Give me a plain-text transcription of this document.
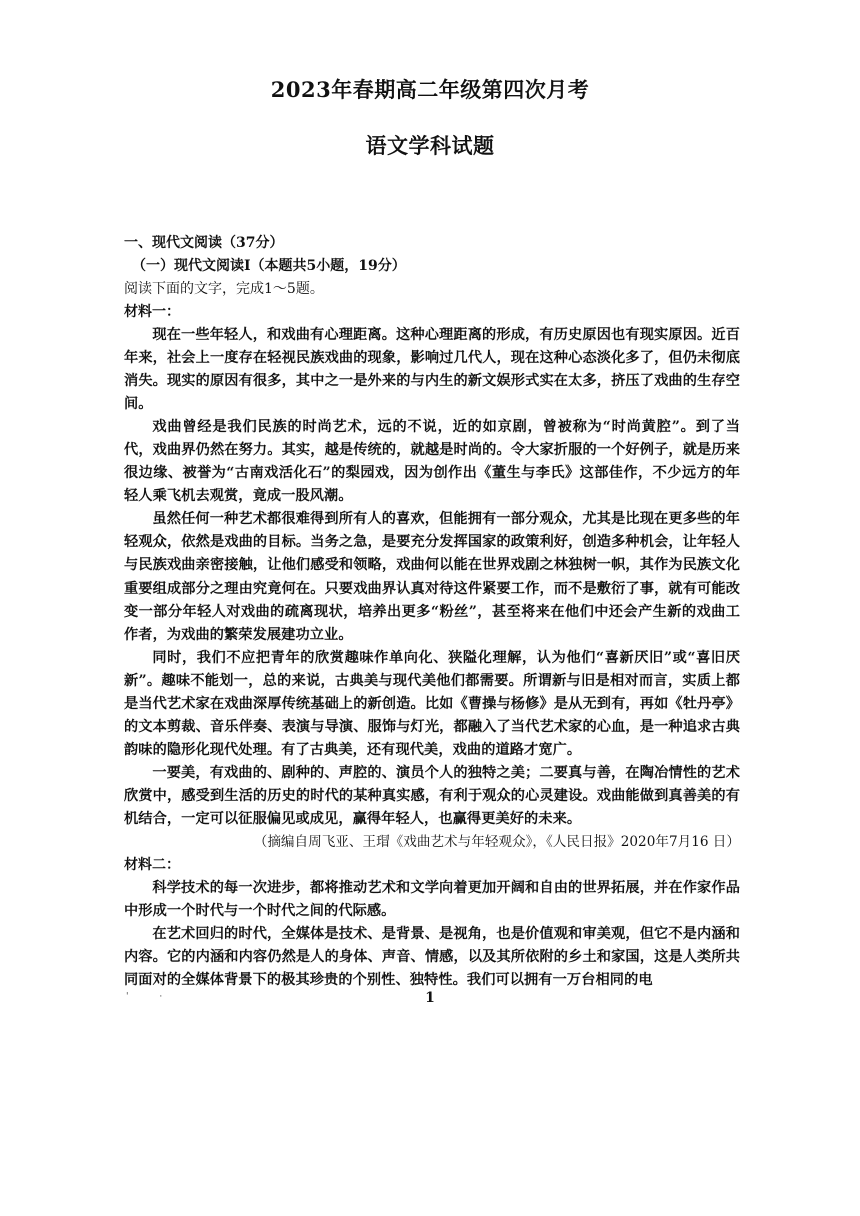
2023年春期高二年级第四次月考
语文学科试题

一、现代文阅读（37分）

（一）现代文阅读I（本题共5小题，19分）

阅读下面的文字，完成1～5题。

材料一：

现在一些年轻人，和戏曲有心理距离。这种心理距离的形成，有历史原因也有现实原因。近百年来，社会上一度存在轻视民族戏曲的现象，影响过几代人，现在这种心态淡化多了，但仍未彻底消失。现实的原因有很多，其中之一是外来的与内生的新文娱形式实在太多，挤压了戏曲的生存空间。

戏曲曾经是我们民族的时尚艺术，远的不说，近的如京剧，曾被称为“时尚黄腔”。到了当代，戏曲界仍然在努力。其实，越是传统的，就越是时尚的。令大家折服的一个好例子，就是历来很边缘、被誉为“古南戏活化石”的梨园戏，因为创作出《董生与李氏》这部佳作，不少远方的年轻人乘飞机去观赏，竟成一股风潮。

虽然任何一种艺术都很难得到所有人的喜欢，但能拥有一部分观众，尤其是比现在更多些的年轻观众，依然是戏曲的目标。当务之急，是要充分发挥国家的政策利好，创造多种机会，让年轻人与民族戏曲亲密接触，让他们感受和领略，戏曲何以能在世界戏剧之林独树一帜，其作为民族文化重要组成部分之理由究竟何在。只要戏曲界认真对待这件紧要工作，而不是敷衍了事，就有可能改变一部分年轻人对戏曲的疏离现状，培养出更多“粉丝”，甚至将来在他们中还会产生新的戏曲工作者，为戏曲的繁荣发展建功立业。

同时，我们不应把青年的欣赏趣味作单向化、狭隘化理解，认为他们“喜新厌旧”或“喜旧厌新”。趣味不能划一，总的来说，古典美与现代美他们都需要。所谓新与旧是相对而言，实质上都是当代艺术家在戏曲深厚传统基础上的新创造。比如《曹操与杨修》是从无到有，再如《牡丹亭》的文本剪裁、音乐伴奏、表演与导演、服饰与灯光，都融入了当代艺术家的心血，是一种追求古典韵味的隐形化现代处理。有了古典美，还有现代美，戏曲的道路才宽广。

一要美，有戏曲的、剧种的、声腔的、演员个人的独特之美；二要真与善，在陶冶情性的艺术欣赏中，感受到生活的历史的时代的某种真实感，有利于观众的心灵建设。戏曲能做到真善美的有机结合，一定可以征服偏见或成见，赢得年轻人，也赢得更美好的未来。

（摘编自周飞亚、王瑁《戏曲艺术与年轻观众》，《人民日报》2020年7月16 日）

材料二：

科学技术的每一次进步，都将推动艺术和文学向着更加开阔和自由的世界拓展，并在作家作品中形成一个时代与一个时代之间的代际感。

在艺术回归的时代，全媒体是技术、是背景、是视角，也是价值观和审美观，但它不是内涵和内容。它的内涵和内容仍然是人的身体、声音、情感，以及其所依附的乡土和家国，这是人类所共同面对的全媒体背景下的极其珍贵的个别性、独特性。我们可以拥有一万台相同的电

' ·	1
